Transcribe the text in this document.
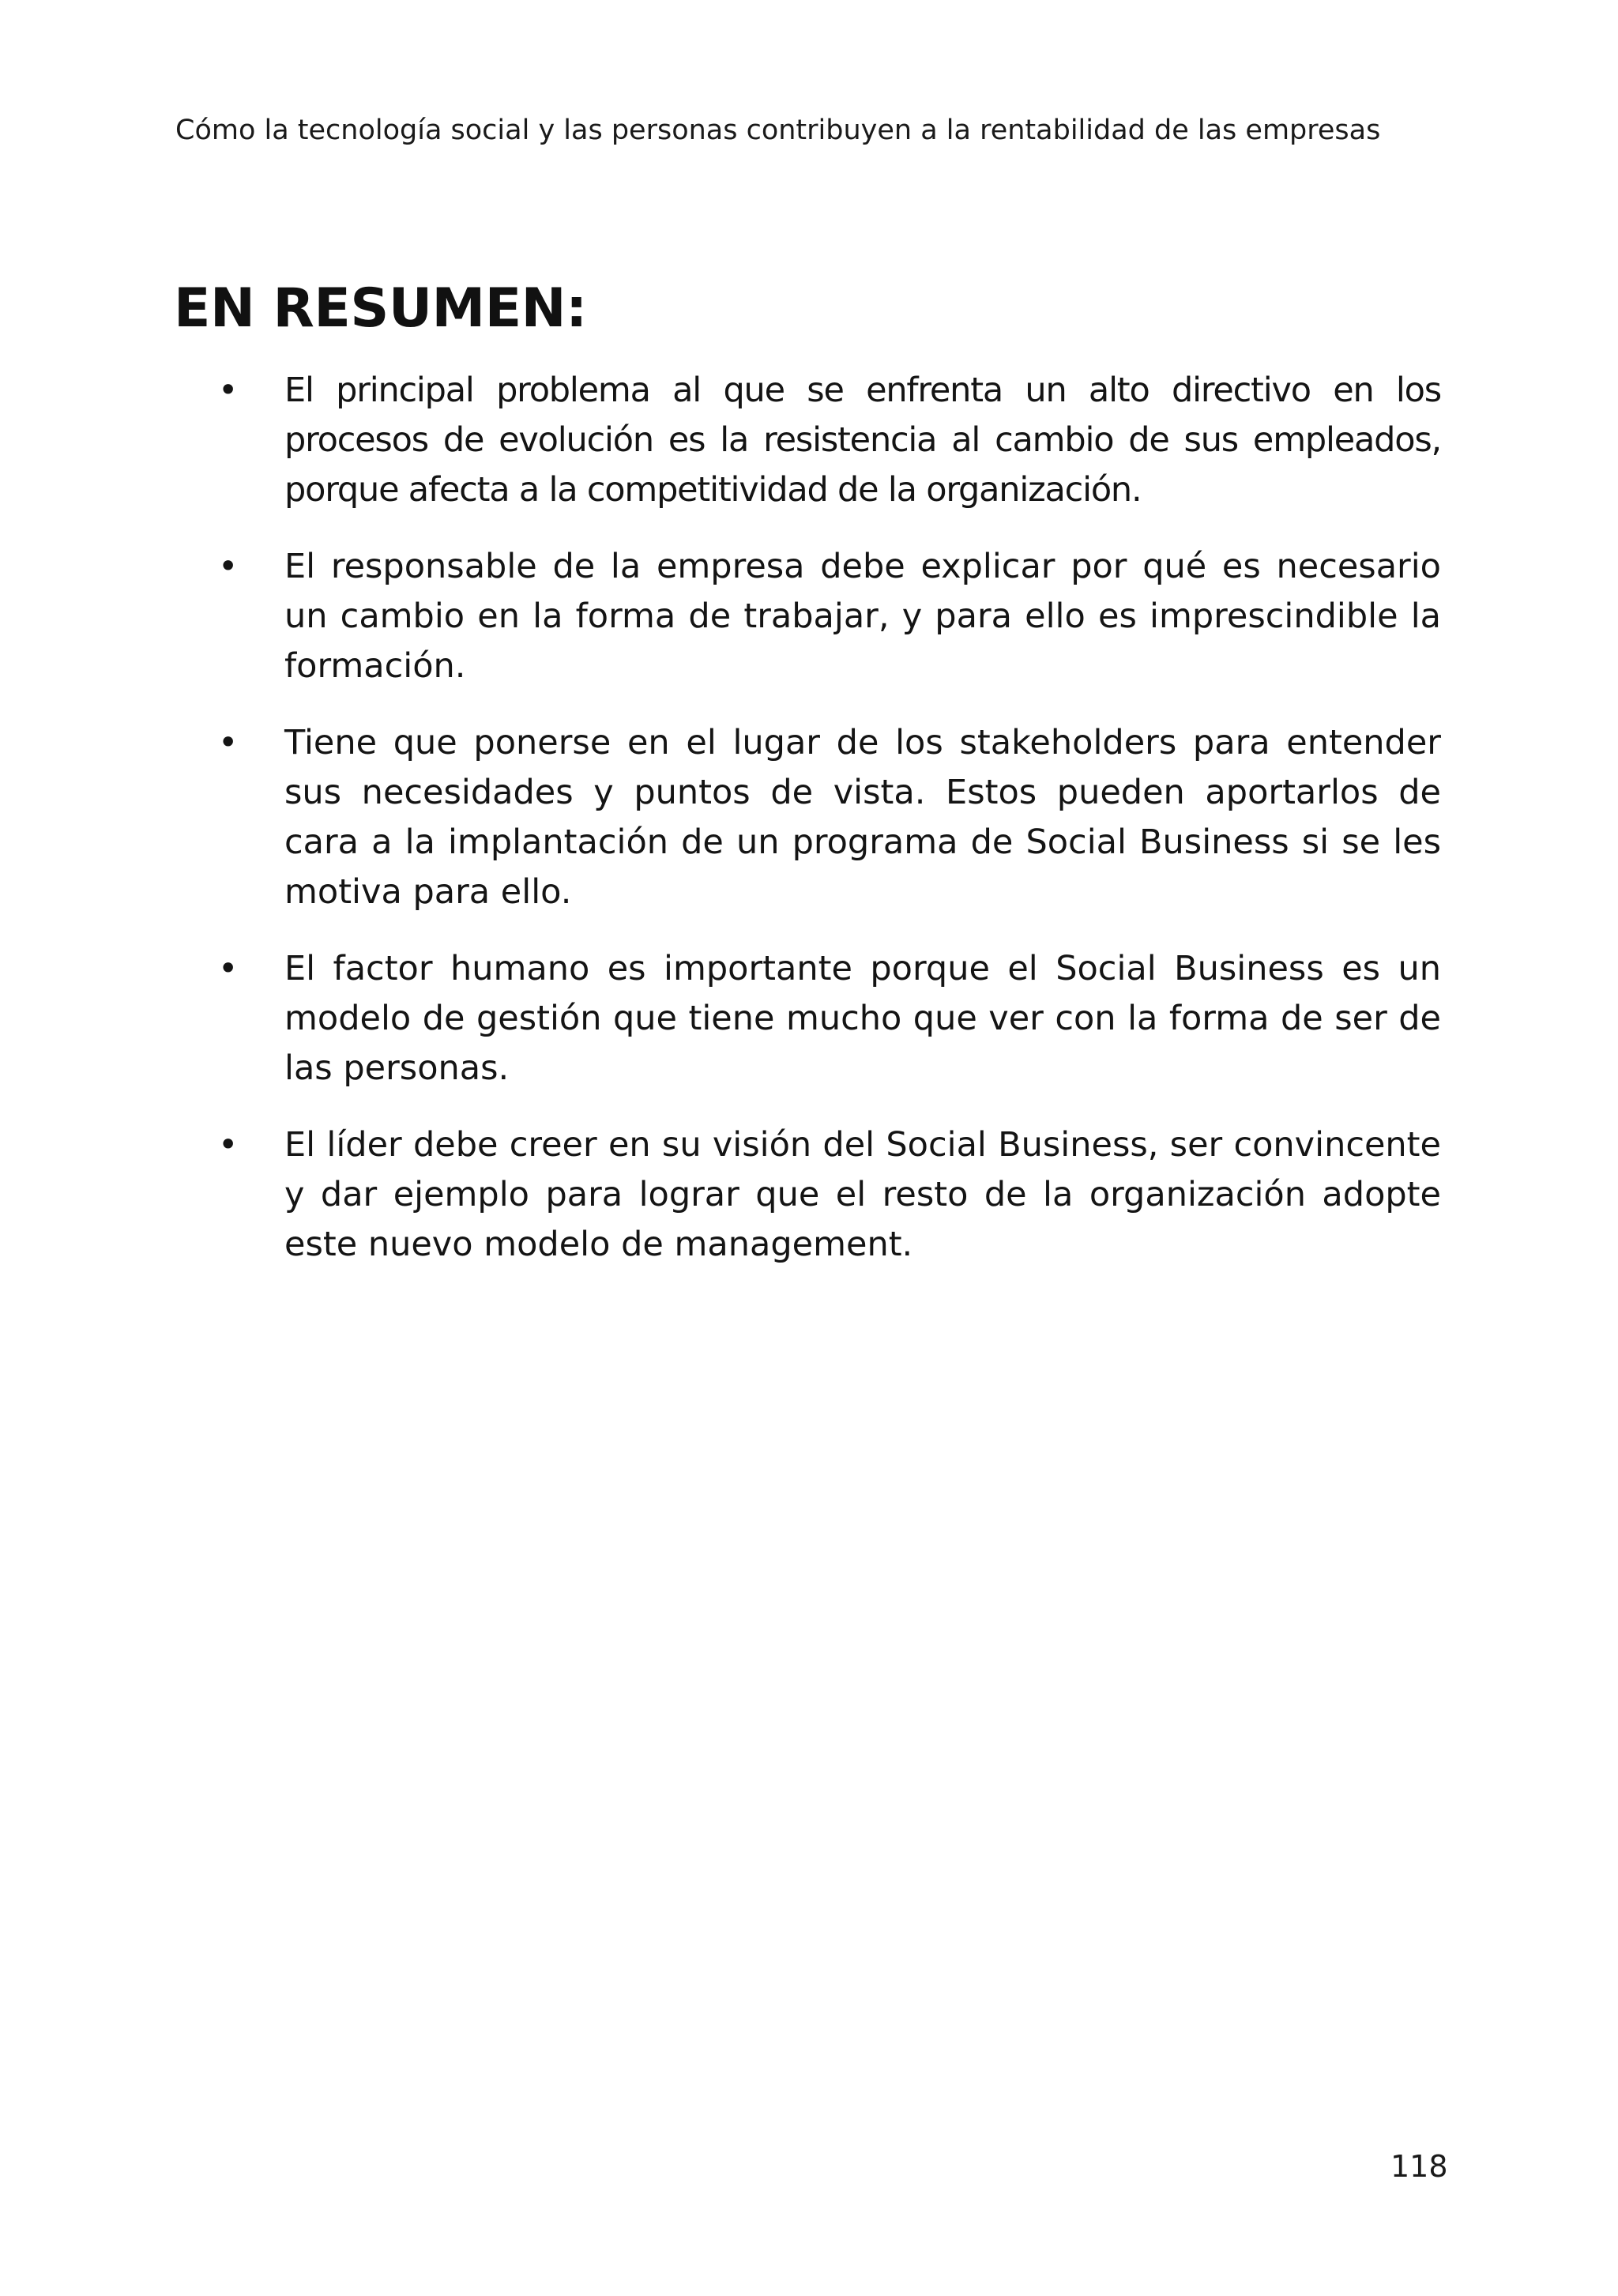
Cómo la tecnología social y las personas contribuyen a la rentabilidad de las empresas
EN RESUMEN:
• El principal problema al que se enfrenta un alto directivo en los procesos de evolución es la resistencia al cambio de sus empleados, porque afecta a la competitividad de la organización.
• El responsable de la empresa debe explicar por qué es necesario un cambio en la forma de trabajar, y para ello es imprescindible la formación.
• Tiene que ponerse en el lugar de los stakeholders para entender sus necesidades y puntos de vista. Estos pueden aportarlos de cara a la implantación de un programa de Social Business si se les motiva para ello.
• El factor humano es importante porque el Social Business es un modelo de gestión que tiene mucho que ver con la forma de ser de las personas.
• El líder debe creer en su visión del Social Business, ser convincente y dar ejemplo para lograr que el resto de la organización adopte este nuevo modelo de management.
118
